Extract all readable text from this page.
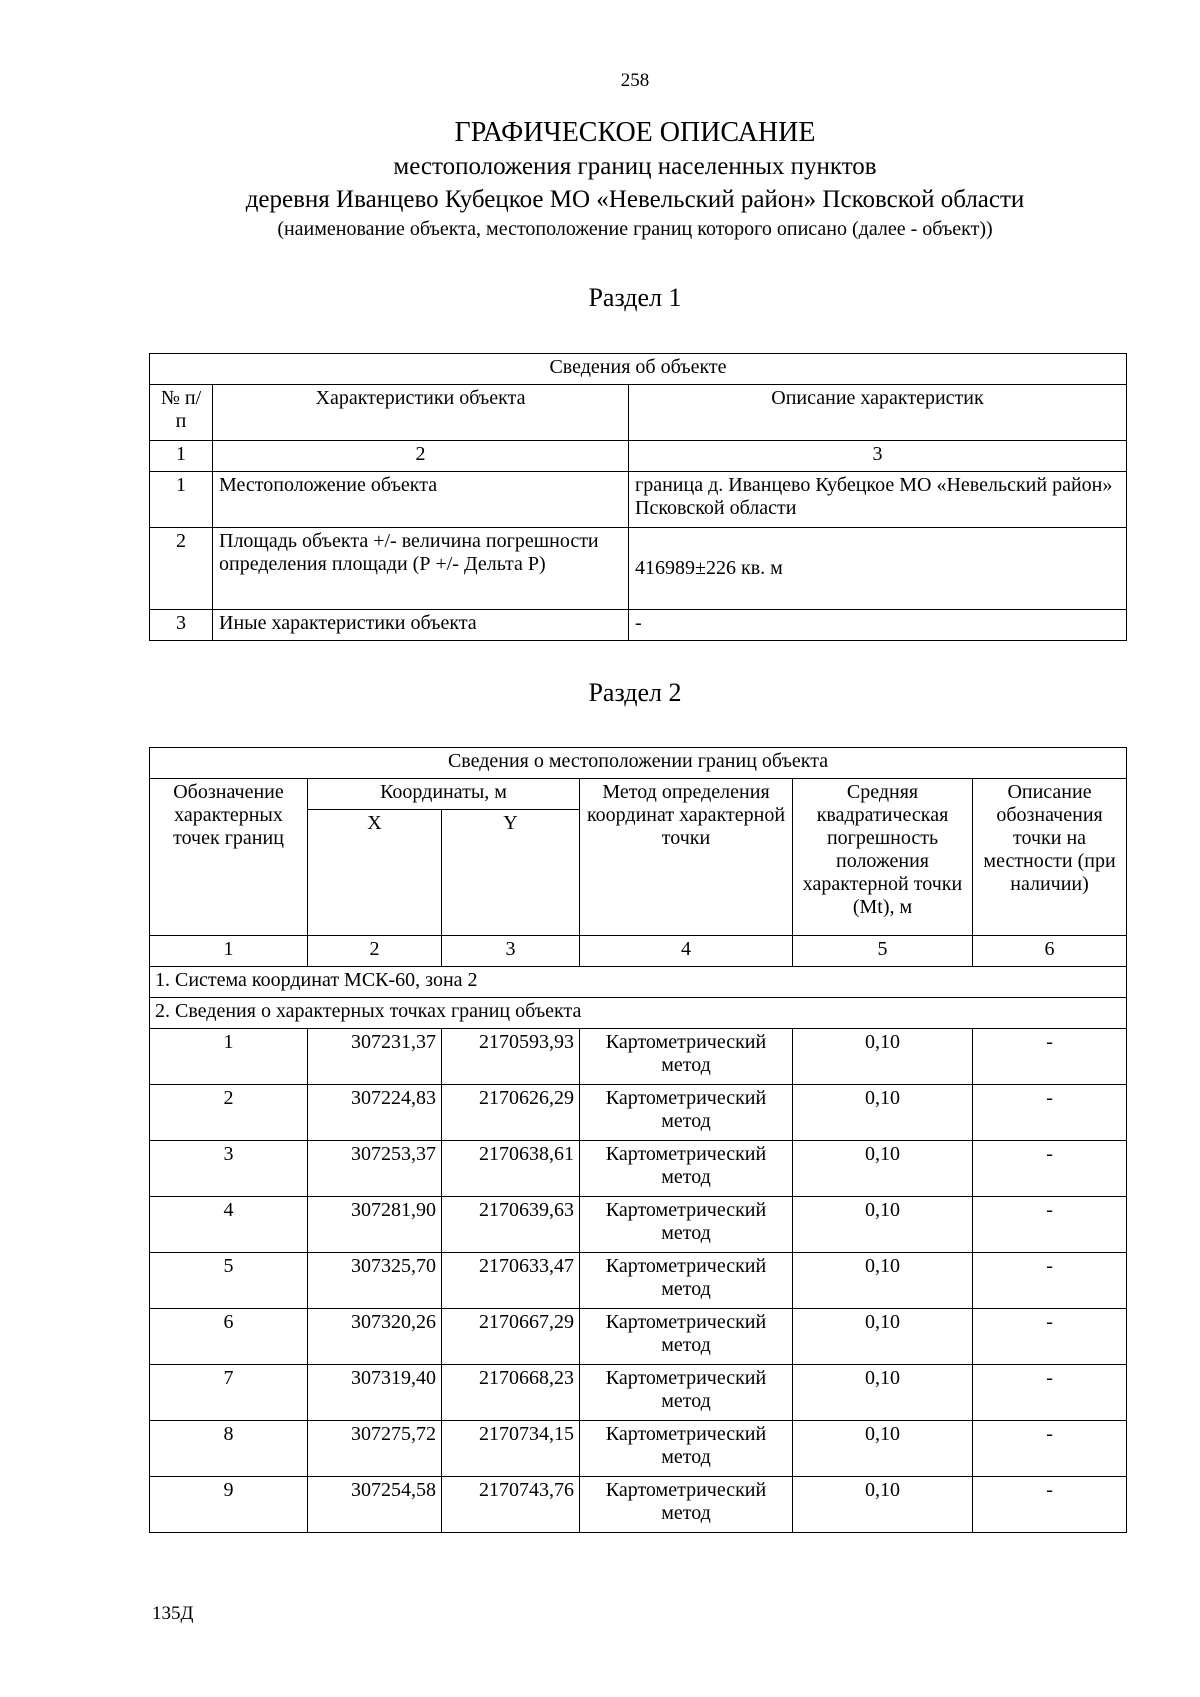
258
ГРАФИЧЕСКОЕ ОПИСАНИЕ
местоположения границ населенных пунктов
деревня Иванцево Кубецкое МО «Невельский район» Псковской области
(наименование объекта, местоположение границ которого описано (далее - объект))
Раздел 1
Сведения об объекте		
№ п/п	Характеристики объекта	Описание характеристик
1	2	3
1	Местоположение объекта	граница д. Иванцево Кубецкое МО «Невельский район» Псковской области
2	Площадь объекта +/- величина погрешности определения площади (Р +/- Дельта Р)	416989±226 кв. м
3	Иные характеристики объекта	-
Раздел 2
Сведения о местоположении границ объекта					
Обозначение характерных точек границ	Координаты, м		Метод определения координат характерной точки	Средняя квадратическая погрешность положения характерной точки (Mt), м	Описание обозначения точки на местности (при наличии)
	X	Y			
1	2	3	4	5	6
1. Система координат МСК-60, зона 2					
2. Сведения о характерных точках границ объекта					
1	307231,37	2170593,93	Картометрический метод	0,10	-
2	307224,83	2170626,29	Картометрический метод	0,10	-
3	307253,37	2170638,61	Картометрический метод	0,10	-
4	307281,90	2170639,63	Картометрический метод	0,10	-
5	307325,70	2170633,47	Картометрический метод	0,10	-
6	307320,26	2170667,29	Картометрический метод	0,10	-
7	307319,40	2170668,23	Картометрический метод	0,10	-
8	307275,72	2170734,15	Картометрический метод	0,10	-
9	307254,58	2170743,76	Картометрический метод	0,10	-
135Д
